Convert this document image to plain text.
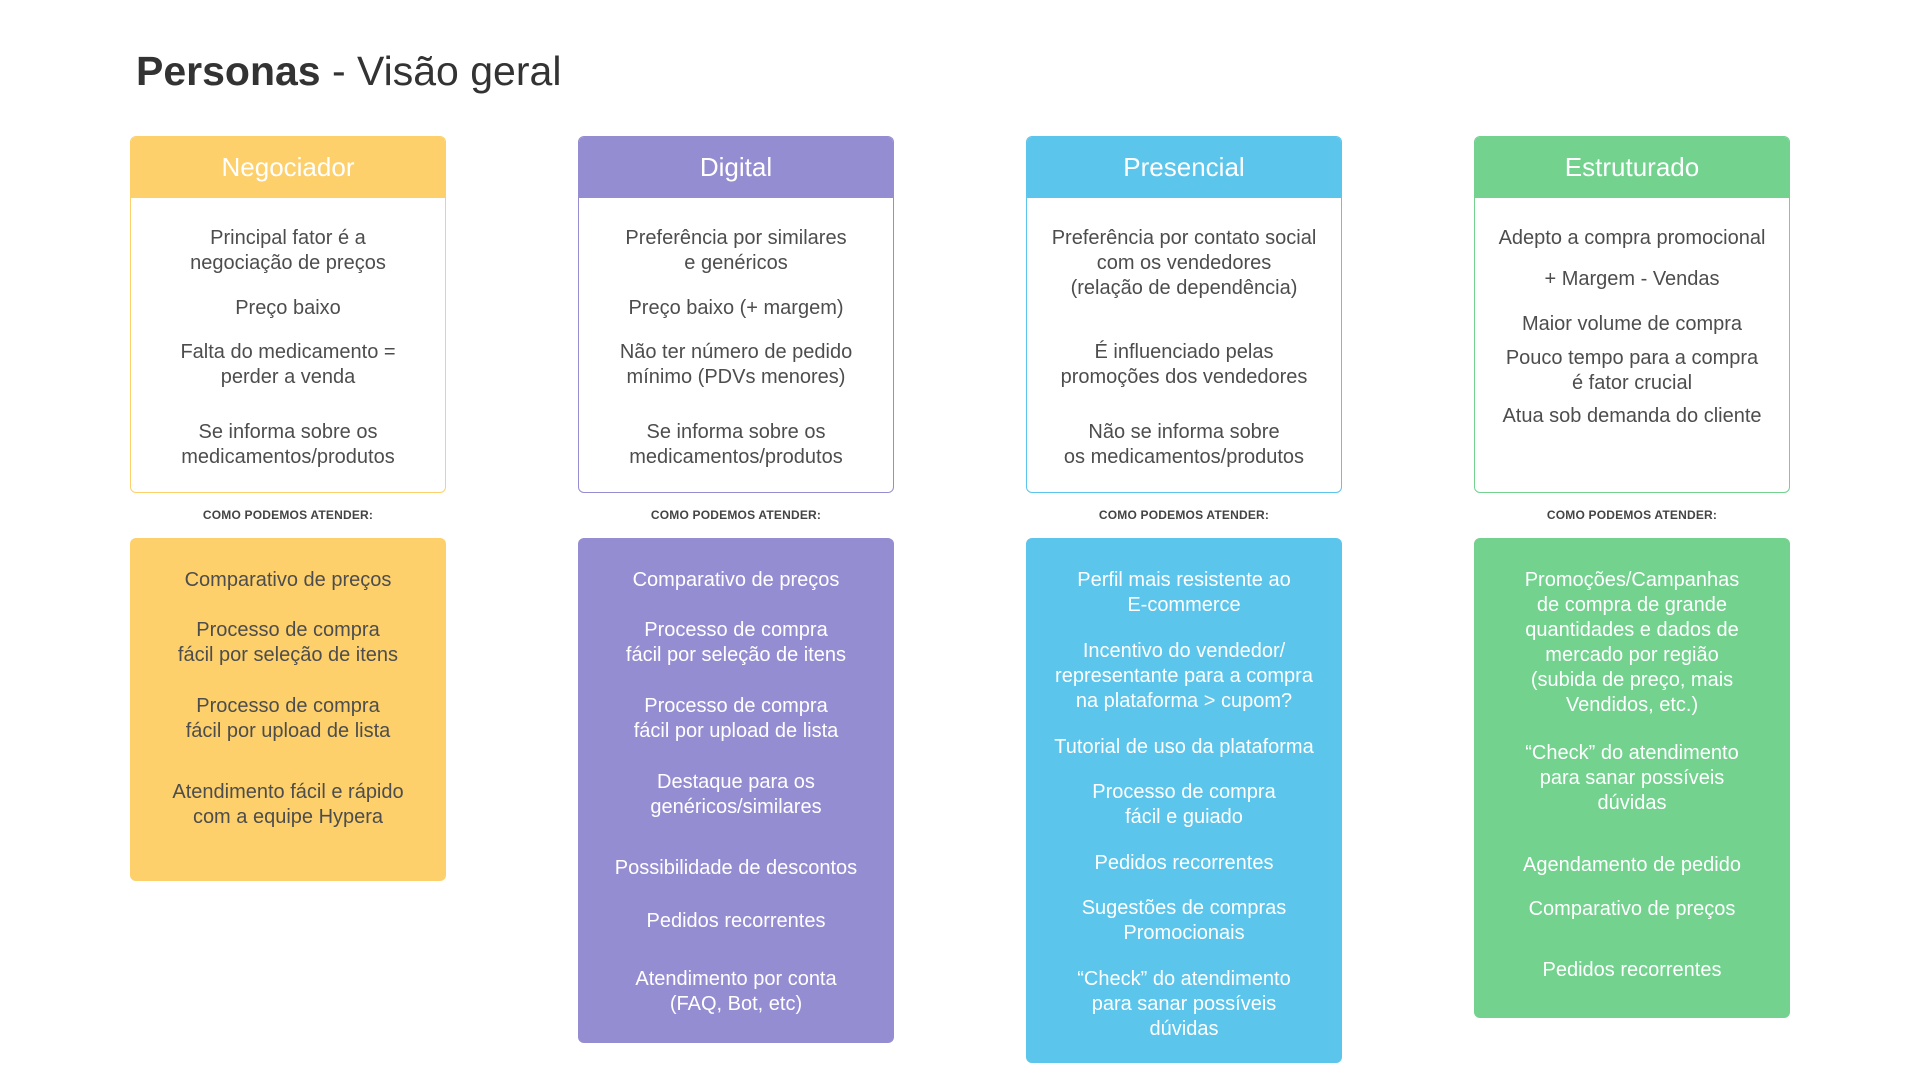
Personas - Visão geral
Negociador
Principal fator é a
negociação de preços
Preço baixo
Falta do medicamento =
perder a venda
Se informa sobre os
medicamentos/produtos
COMO PODEMOS ATENDER:
Comparativo de preços
Processo de compra
fácil por seleção de itens
Processo de compra
fácil por upload de lista
Atendimento fácil e rápido
com a equipe Hypera
Digital
Preferência por similares
e genéricos
Preço baixo (+ margem)
Não ter número de pedido
mínimo (PDVs menores)
Se informa sobre os
medicamentos/produtos
COMO PODEMOS ATENDER:
Comparativo de preços
Processo de compra
fácil por seleção de itens
Processo de compra
fácil por upload de lista
Destaque para os
genéricos/similares
Possibilidade de descontos
Pedidos recorrentes
Atendimento por conta
(FAQ, Bot, etc)
Presencial
Preferência por contato social
com os vendedores
(relação de dependência)
É influenciado pelas
promoções dos vendedores
Não se informa sobre
os medicamentos/produtos
COMO PODEMOS ATENDER:
Perfil mais resistente ao
E-commerce
Incentivo do vendedor/
representante para a compra
na plataforma > cupom?
Tutorial de uso da plataforma
Processo de compra
fácil e guiado
Pedidos recorrentes
Sugestões de compras
Promocionais
“Check” do atendimento
para sanar possíveis
dúvidas
Estruturado
Adepto a compra promocional
+ Margem - Vendas
Maior volume de compra
Pouco tempo para a compra
é fator crucial
Atua sob demanda do cliente
COMO PODEMOS ATENDER:
Promoções/Campanhas
de compra de grande
quantidades e dados de
mercado por região
(subida de preço, mais
Vendidos, etc.)
“Check” do atendimento
para sanar possíveis
dúvidas
Agendamento de pedido
Comparativo de preços
Pedidos recorrentes
